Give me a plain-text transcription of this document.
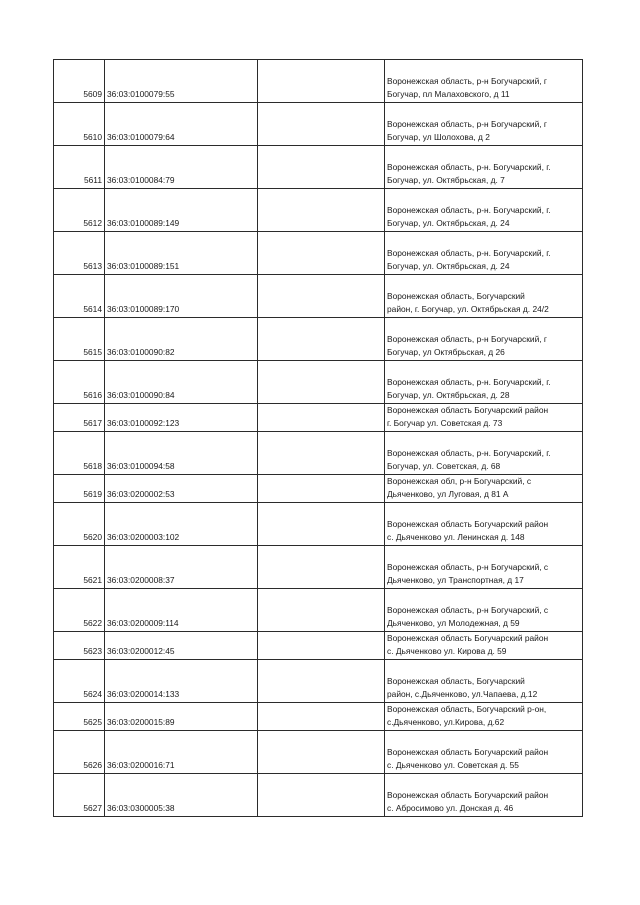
5609	36:03:0100079:55		Воронежская область, р-н Богучарский, г
Богучар, пл Малаховского, д 11

5610	36:03:0100079:64		Воронежская область, р-н Богучарский, г
Богучар, ул Шолохова, д 2

5611	36:03:0100084:79		Воронежская область, р-н. Богучарский, г.
Богучар, ул. Октябрьская, д. 7

5612	36:03:0100089:149		Воронежская область, р-н. Богучарский, г.
Богучар, ул. Октябрьская, д. 24

5613	36:03:0100089:151		Воронежская область, р-н. Богучарский, г.
Богучар, ул. Октябрьская, д. 24

5614	36:03:0100089:170		Воронежская область, Богучарский
район, г. Богучар, ул. Октябрьская д. 24/2

5615	36:03:0100090:82		Воронежская область, р-н Богучарский, г
Богучар, ул Октябрьская, д 26

5616	36:03:0100090:84		Воронежская область, р-н. Богучарский, г.
Богучар, ул. Октябрьская, д. 28

5617	36:03:0100092:123		Воронежская область Богучарский район
г. Богучар ул. Советская д. 73

5618	36:03:0100094:58		Воронежская область, р-н. Богучарский, г.
Богучар, ул. Советская, д. 68

5619	36:03:0200002:53		Воронежская обл, р-н Богучарский, с
Дьяченково, ул Луговая, д 81 А

5620	36:03:0200003:102		Воронежская область Богучарский район
с. Дьяченково ул. Ленинская д. 148

5621	36:03:0200008:37		Воронежская область, р-н Богучарский, с
Дьяченково, ул Транспортная, д 17

5622	36:03:0200009:114		Воронежская область, р-н Богучарский, с
Дьяченково, ул Молодежная, д 59

5623	36:03:0200012:45		Воронежская область Богучарский район
с. Дьяченково ул. Кирова д. 59

5624	36:03:0200014:133		Воронежская область, Богучарский
район, с.Дьяченково, ул.Чапаева, д.12

5625	36:03:0200015:89		Воронежская область, Богучарский р-он,
с.Дьяченково, ул.Кирова, д.62

5626	36:03:0200016:71		Воронежская область Богучарский район
с. Дьяченково ул. Советская д. 55

5627	36:03:0300005:38		Воронежская область Богучарский район
с. Абросимово ул. Донская д. 46
